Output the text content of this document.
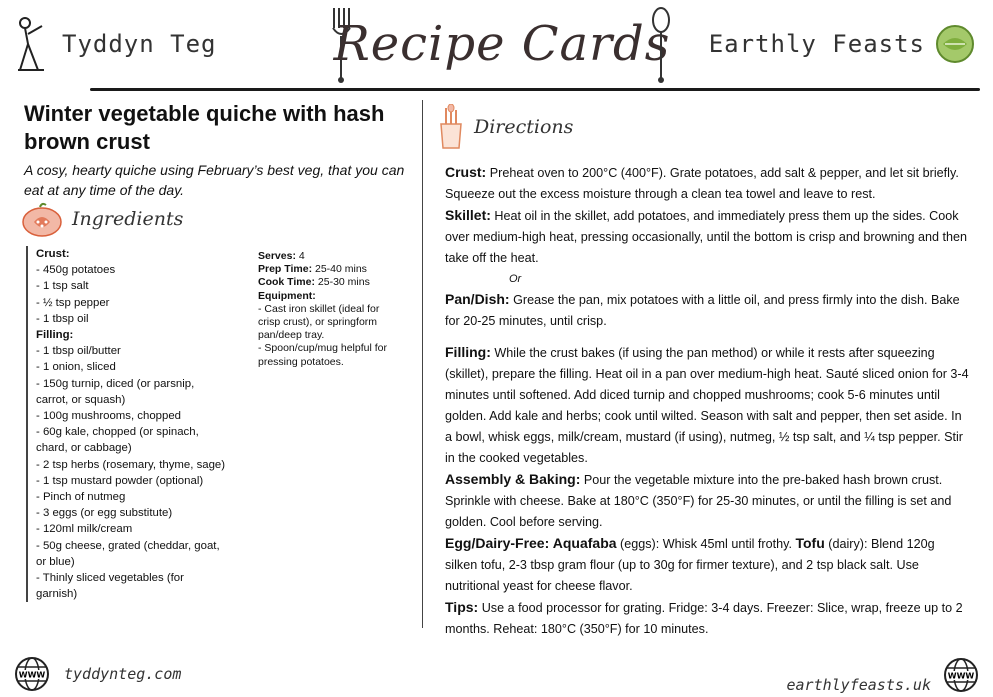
Tyddyn Teg Recipe Cards Earthly Feasts
Winter vegetable quiche with hash brown crust
A cosy, hearty quiche using February’s best veg, that you can eat at any time of the day.
Ingredients
Crust:
- 450g potatoes
- 1 tsp salt
- ½ tsp pepper
- 1 tbsp oil
Filling:
- 1 tbsp oil/butter
- 1 onion, sliced
- 150g turnip, diced (or parsnip, carrot, or squash)
- 100g mushrooms, chopped
- 60g kale, chopped (or spinach, chard, or cabbage)
- 2 tsp herbs (rosemary, thyme, sage)
- 1 tsp mustard powder (optional)
- Pinch of nutmeg
- 3 eggs (or egg substitute)
- 120ml milk/cream
- 50g cheese, grated (cheddar, goat, or blue)
- Thinly sliced vegetables (for garnish)
Serves: 4
Prep Time: 25-40 mins
Cook Time: 25-30 mins
Equipment:
- Cast iron skillet (ideal for crisp crust), or springform pan/deep tray.
- Spoon/cup/mug helpful for pressing potatoes.
Directions

Crust: Preheat oven to 200°C (400°F). Grate potatoes, add salt & pepper, and let sit briefly. Squeeze out the excess moisture through a clean tea towel and leave to rest.

Skillet: Heat oil in the skillet, add potatoes, and immediately press them up the sides. Cook over medium-high heat, pressing occasionally, until the bottom is crisp and browning and then take off the heat.

Or

Pan/Dish: Grease the pan, mix potatoes with a little oil, and press firmly into the dish. Bake for 20-25 minutes, until crisp.

Filling: While the crust bakes (if using the pan method) or while it rests after squeezing (skillet), prepare the filling. Heat oil in a pan over medium-high heat. Sauté sliced onion for 3-4 minutes until softened. Add diced turnip and chopped mushrooms; cook 5-6 minutes until golden. Add kale and herbs; cook until wilted. Season with salt and pepper, then set aside. In a bowl, whisk eggs, milk/cream, mustard (if using), nutmeg, ½ tsp salt, and ¼ tsp pepper. Stir in the cooked vegetables.

Assembly & Baking: Pour the vegetable mixture into the pre-baked hash brown crust. Sprinkle with cheese. Bake at 180°C (350°F) for 25-30 minutes, or until the filling is set and golden. Cool before serving.

Egg/Dairy-Free: Aquafaba (eggs): Whisk 45ml until frothy. Tofu (dairy): Blend 120g silken tofu, 2-3 tbsp gram flour (up to 30g for firmer texture), and 2 tsp black salt. Use nutritional yeast for cheese flavor.

Tips: Use a food processor for grating. Fridge: 3-4 days. Freezer: Slice, wrap, freeze up to 2 months. Reheat: 180°C (350°F) for 10 minutes.

WWW tyddynteg.com
earthlyfeasts.uk WWW
